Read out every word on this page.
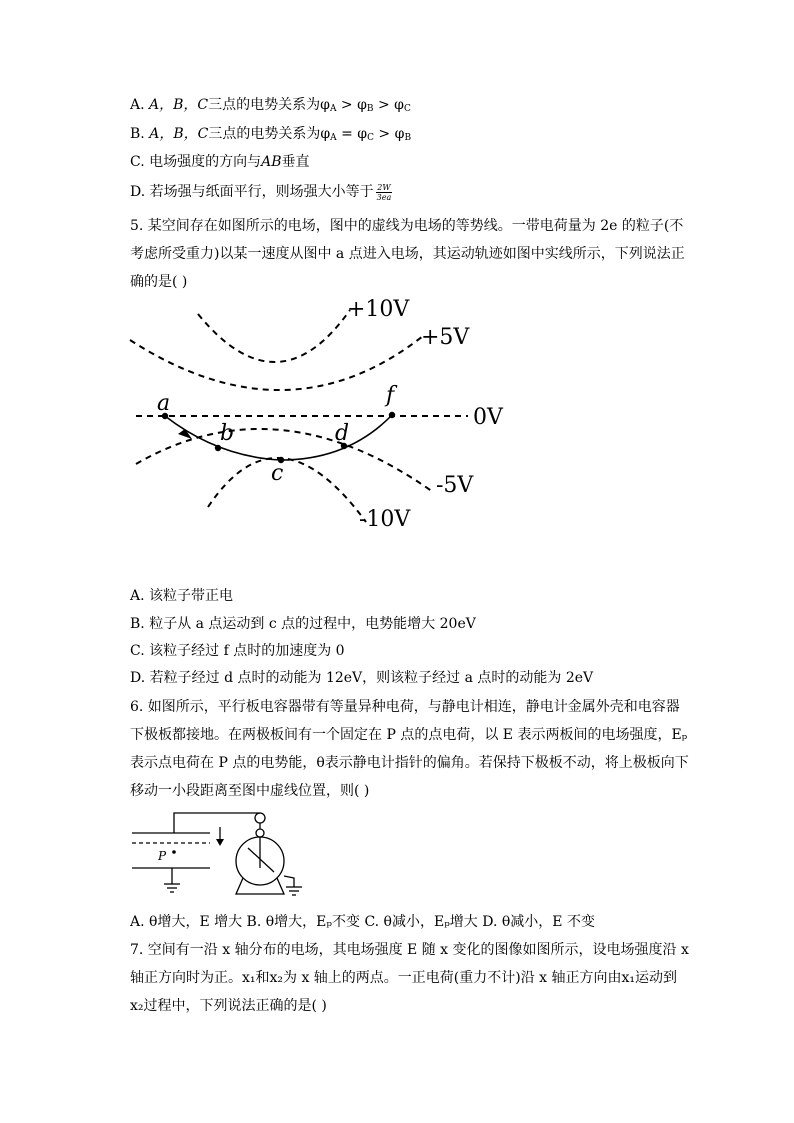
A. A，B，C三点的电势关系为$\varphi_A > \varphi_B > \varphi_C$
B. A，B，C三点的电势关系为$\varphi_A = \varphi_C > \varphi_B$
C. 电场强度的方向与AB垂直
D. 若场强与纸面平行，则场强大小等于 $\frac{2W}{3ea}$
5. 某空间存在如图所示的电场，图中的虚线为电场的等势线。一带电荷量为 2e 的粒子(不考虑所受重力)以某一速度从图中 a 点进入电场，其运动轨迹如图中实线所示，下列说法正确的是( )
a
b
c
d
f
+10V
+5V
0V
-5V
-10V
A. 该粒子带正电
B. 粒子从 a 点运动到 c 点的过程中，电势能增大 20eV
C. 该粒子经过 f 点时的加速度为 0
D. 若粒子经过 d 点时的动能为 12eV，则该粒子经过 a 点时的动能为 2eV
6. 如图所示，平行板电容器带有等量异种电荷，与静电计相连，静电计金属外壳和电容器下极板都接地。在两极板间有一个固定在 P 点的点电荷，以 E 表示两板间的电场强度，Eₚ表示点电荷在 P 点的电势能，θ表示静电计指针的偏角。若保持下极板不动，将上极板向下移动一小段距离至图中虚线位置，则( )
P
A. θ增大，E 增大 B. θ增大，Eₚ不变 C. θ减小，Eₚ增大 D. θ减小，E 不变
7. 空间有一沿 x 轴分布的电场，其电场强度 E 随 x 变化的图像如图所示，设电场强度沿 x 轴正方向时为正。x₁和x₂为 x 轴上的两点。一正电荷(重力不计)沿 x 轴正方向由x₁运动到x₂过程中，下列说法正确的是( )
